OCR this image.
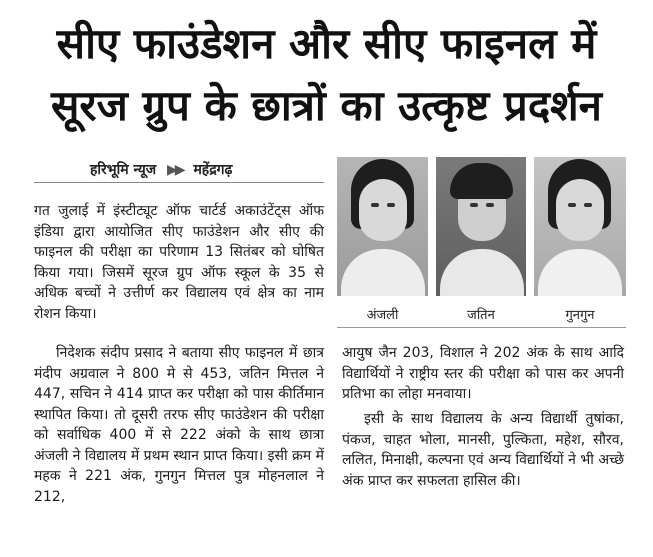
सीए फाउंडेशन और सीए फाइनल में
सूरज ग्रुप के छात्रों का उत्कृष्ट प्रदर्शन
हरिभूमि न्यूज ▶▶ महेंद्रगढ़

गत जुलाई में इंस्टीट्यूट ऑफ चार्टर्ड अकाउंटेंट्स ऑफ इंडिया द्वारा आयोजित सीए फाउंडेशन और सीए की फाइनल की परीक्षा का परिणाम 13 सितंबर को घोषित किया गया। जिसमें सूरज ग्रुप ऑफ स्कूल के 35 से अधिक बच्चों ने उत्तीर्ण कर विद्यालय एवं क्षेत्र का नाम रोशन किया।

निदेशक संदीप प्रसाद ने बताया सीए फाइनल में छात्र मंदीप अग्रवाल ने 800 मे से 453, जतिन मित्तल ने 447, सचिन ने 414 प्राप्त कर परीक्षा को पास कीर्तिमान स्थापित किया। तो दूसरी तरफ सीए फाउंडेशन की परीक्षा को सर्वाधिक 400 में से 222 अंको के साथ छात्रा अंजली ने विद्यालय में प्रथम स्थान प्राप्त किया। इसी क्रम में महक ने 221 अंक, गुनगुन मित्तल पुत्र मोहनलाल ने 212,

आयुष जैन 203, विशाल ने 202 अंक के साथ आदि विद्यार्थियों ने राष्ट्रीय स्तर की परीक्षा को पास कर अपनी प्रतिभा का लोहा मनवाया।

इसी के साथ विद्यालय के अन्य विद्यार्थी तुषांका, पंकज, चाहत भोला, मानसी, पुल्किता, महेश, सौरव, ललित, मिनाक्षी, कल्पना एवं अन्य विद्यार्थियों ने भी अच्छे अंक प्राप्त कर सफलता हासिल की।

अंजली	जतिन	गुनगुन
